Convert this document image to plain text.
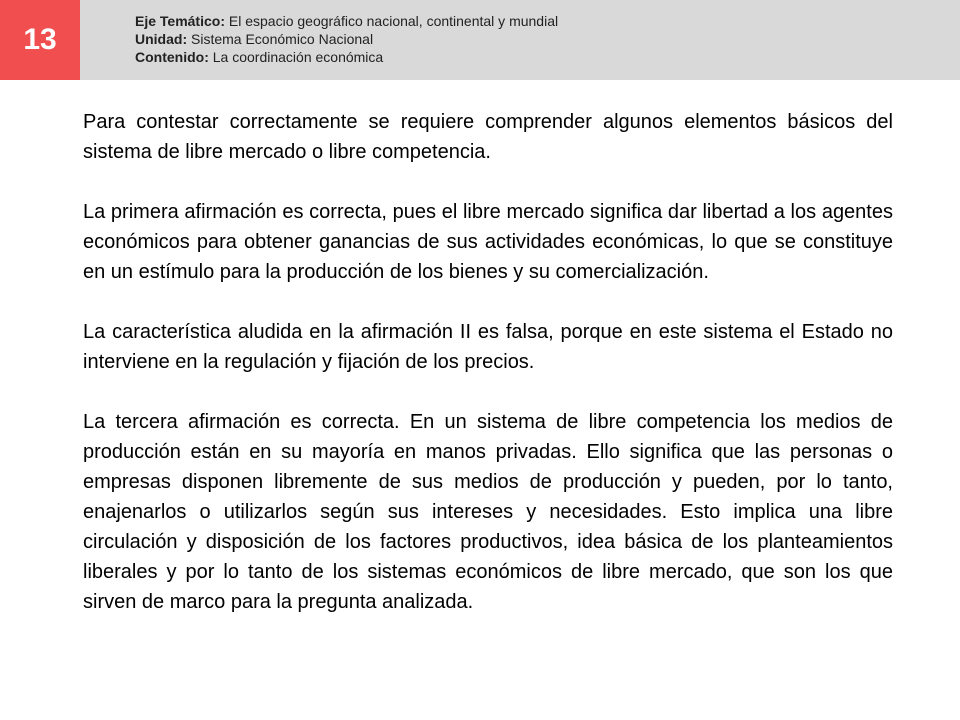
13
Eje Temático: El espacio geográfico nacional, continental y mundial
Unidad: Sistema Económico Nacional
Contenido: La coordinación económica

Para contestar correctamente se requiere comprender algunos elementos básicos del sistema de libre mercado o libre competencia.

La primera afirmación es correcta, pues el libre mercado significa dar libertad a los agentes económicos para obtener ganancias de sus actividades económicas, lo que se constituye en un estímulo para la producción de los bienes y su comercialización.

La característica aludida en la afirmación II es falsa, porque en este sistema el Estado no interviene en la regulación y fijación de los precios.

La tercera afirmación es correcta. En un sistema de libre competencia los medios de producción están en su mayoría en manos privadas. Ello significa que las personas o empresas disponen libremente de sus medios de producción y pueden, por lo tanto, enajenarlos o utilizarlos según sus intereses y necesidades. Esto implica una libre circulación y disposición de los factores productivos, idea básica de los planteamientos liberales y por lo tanto de los sistemas económicos de libre mercado, que son los que sirven de marco para la pregunta analizada.
